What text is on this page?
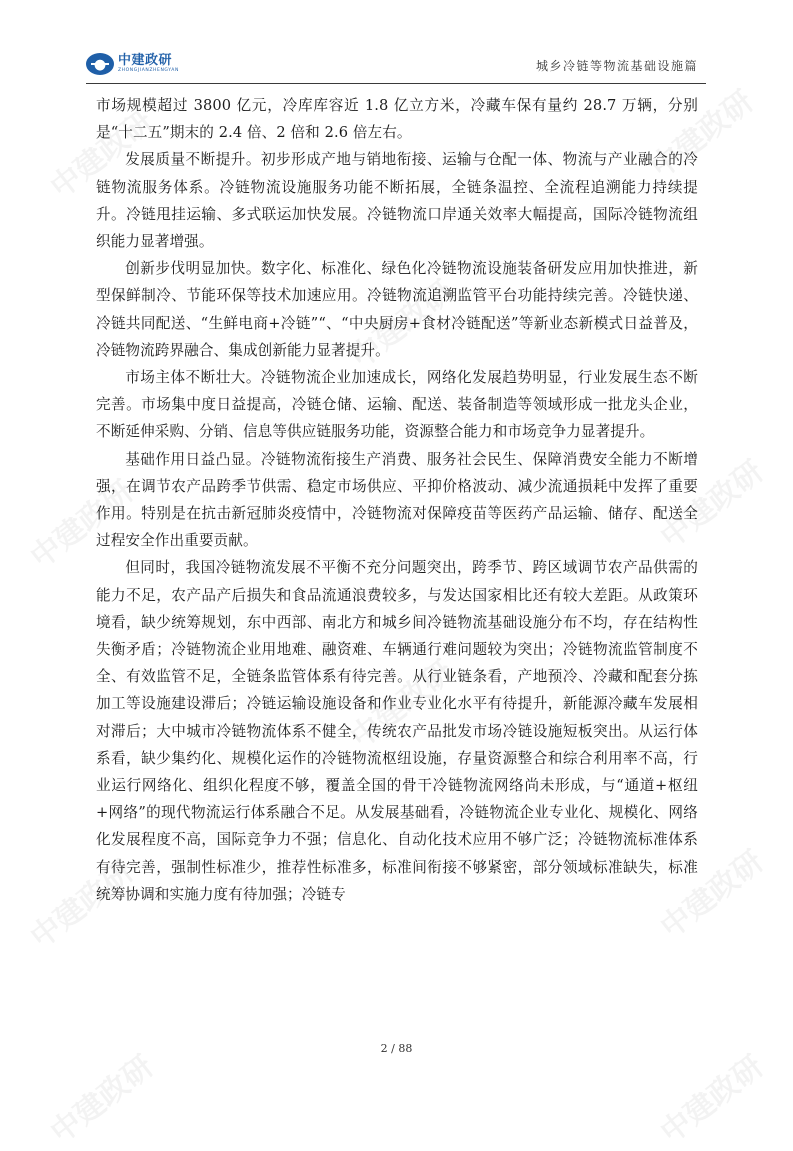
中建政研	中建政研
中建政研
中建政研	中建政研
中建政研
中建政研	中建政研
中建政研	中建政研
中建政研
ZHONGJIANZHENGYAN	城乡冷链等物流基础设施篇

市场规模超过 3800 亿元，冷库库容近 1.8 亿立方米，冷藏车保有量约 28.7 万辆，分别是“十二五”期末的 2.4 倍、2 倍和 2.6 倍左右。

发展质量不断提升。初步形成产地与销地衔接、运输与仓配一体、物流与产业融合的冷链物流服务体系。冷链物流设施服务功能不断拓展，全链条温控、全流程追溯能力持续提升。冷链甩挂运输、多式联运加快发展。冷链物流口岸通关效率大幅提高，国际冷链物流组织能力显著增强。

创新步伐明显加快。数字化、标准化、绿色化冷链物流设施装备研发应用加快推进，新型保鲜制冷、节能环保等技术加速应用。冷链物流追溯监管平台功能持续完善。冷链快递、冷链共同配送、“生鲜电商+冷链”“、“中央厨房+食材冷链配送”等新业态新模式日益普及，冷链物流跨界融合、集成创新能力显著提升。

市场主体不断壮大。冷链物流企业加速成长，网络化发展趋势明显，行业发展生态不断完善。市场集中度日益提高，冷链仓储、运输、配送、装备制造等领域形成一批龙头企业，不断延伸采购、分销、信息等供应链服务功能，资源整合能力和市场竞争力显著提升。

基础作用日益凸显。冷链物流衔接生产消费、服务社会民生、保障消费安全能力不断增强，在调节农产品跨季节供需、稳定市场供应、平抑价格波动、减少流通损耗中发挥了重要作用。特别是在抗击新冠肺炎疫情中，冷链物流对保障疫苗等医药产品运输、储存、配送全过程安全作出重要贡献。

但同时，我国冷链物流发展不平衡不充分问题突出，跨季节、跨区域调节农产品供需的能力不足，农产品产后损失和食品流通浪费较多，与发达国家相比还有较大差距。从政策环境看，缺少统筹规划，东中西部、南北方和城乡间冷链物流基础设施分布不均，存在结构性失衡矛盾；冷链物流企业用地难、融资难、车辆通行难问题较为突出；冷链物流监管制度不全、有效监管不足，全链条监管体系有待完善。从行业链条看，产地预冷、冷藏和配套分拣加工等设施建设滞后；冷链运输设施设备和作业专业化水平有待提升，新能源冷藏车发展相对滞后；大中城市冷链物流体系不健全，传统农产品批发市场冷链设施短板突出。从运行体系看，缺少集约化、规模化运作的冷链物流枢纽设施，存量资源整合和综合利用率不高，行业运行网络化、组织化程度不够，覆盖全国的骨干冷链物流网络尚未形成，与“通道+枢纽+网络”的现代物流运行体系融合不足。从发展基础看，冷链物流企业专业化、规模化、网络化发展程度不高，国际竞争力不强；信息化、自动化技术应用不够广泛；冷链物流标准体系有待完善，强制性标准少，推荐性标准多，标准间衔接不够紧密，部分领域标准缺失，标准统筹协调和实施力度有待加强；冷链专

2 / 88
